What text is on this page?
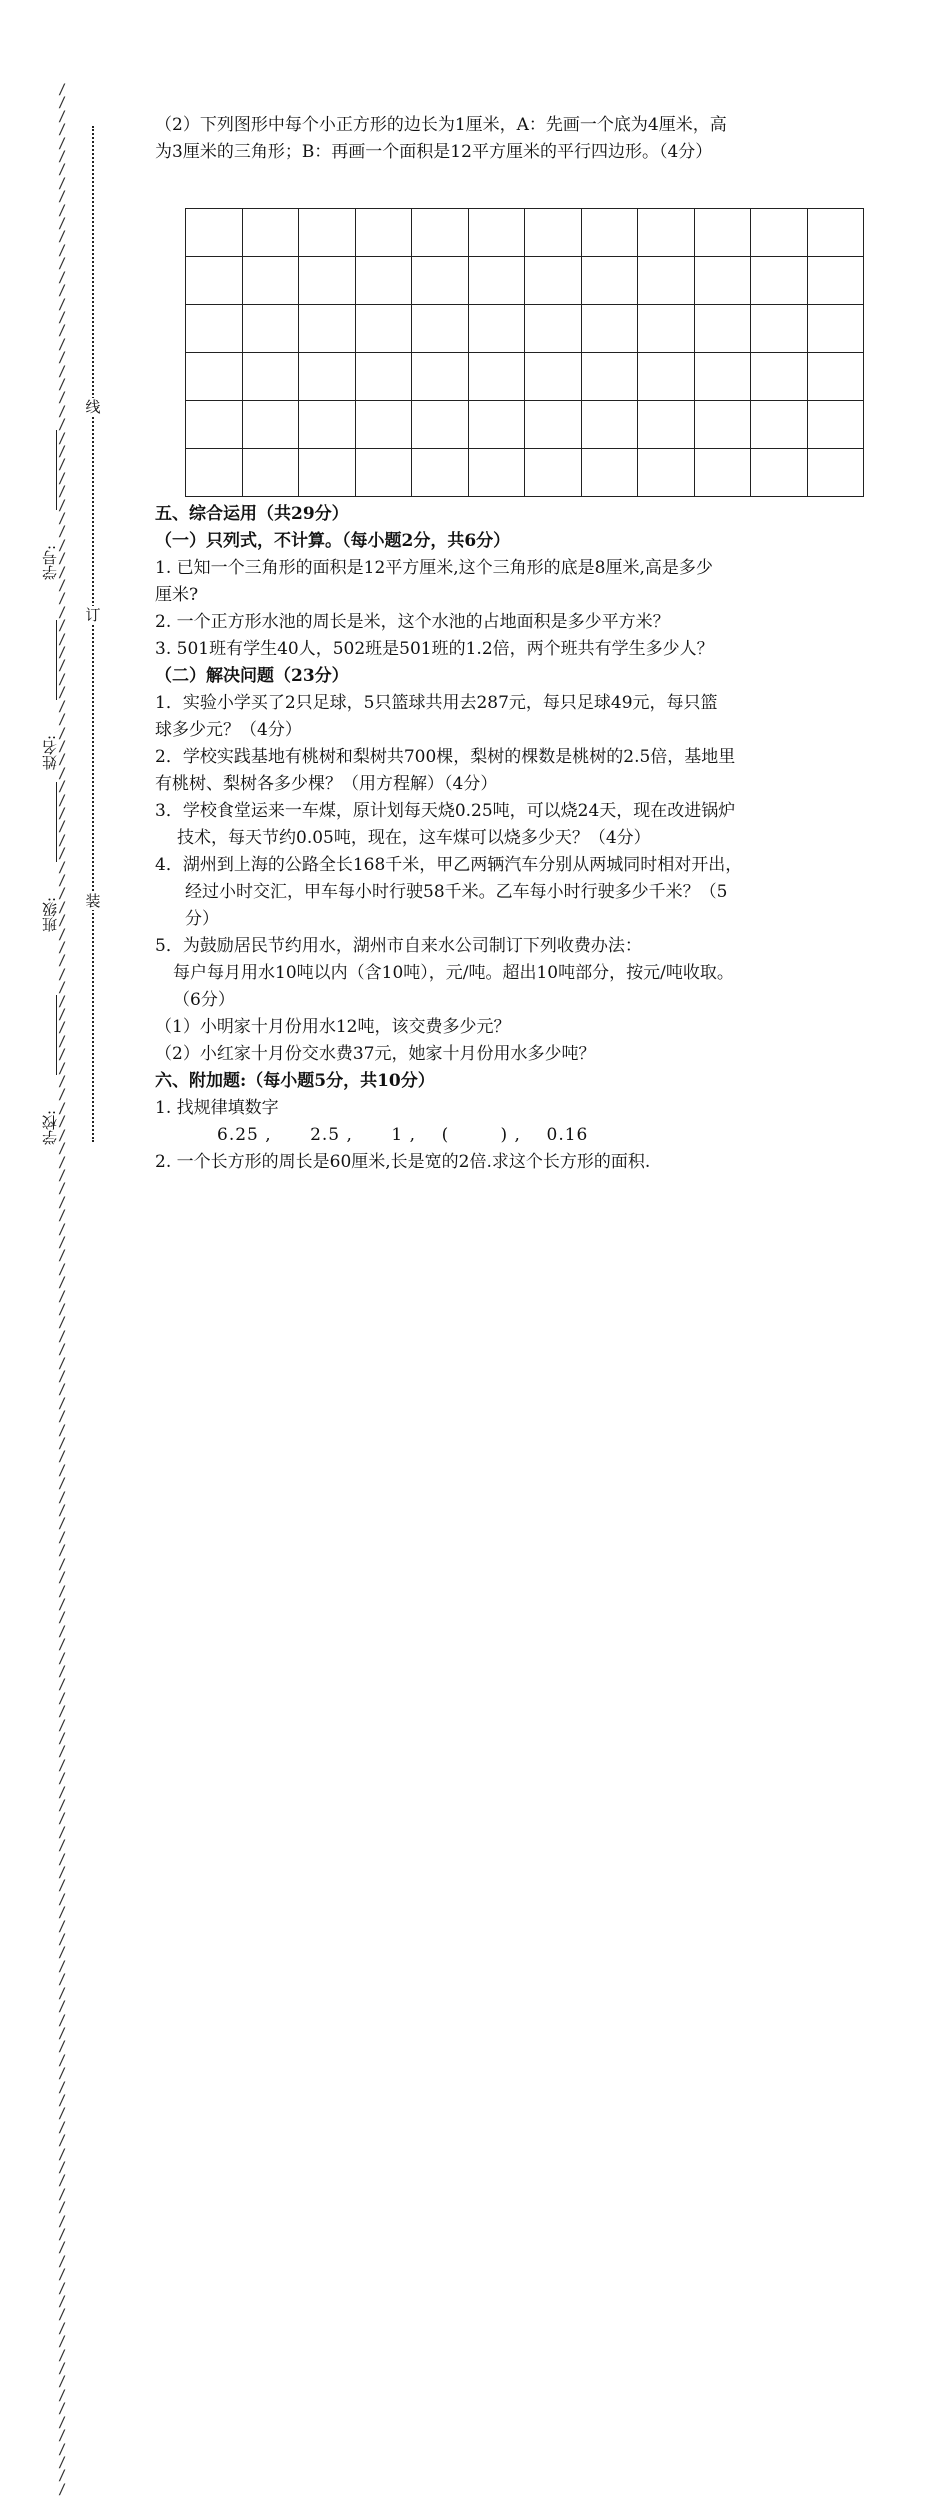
/ / / / / / / / / / / / / / / / / / / / / / / / / / / / / / / / / / / / / / / / / / / / / / / / / / / / / / / / / / / / / / / / / / / / / / / / / / / / / / / / / / / / / / / / / / / / / / / / / / / / / / / / / / / / / / / / / / / / / / / / / / / / / / / / / / / / / / / / / / / / / / / / / / / / / / / / / / / / / / / / / / / / / / / / / / / / / / / / / / / /
线
订
装
学号:
姓名:
班级:
学校:

（2）下列图形中每个小正方形的边长为1厘米，A：先画一个底为4厘米，高

为3厘米的三角形；B：再画一个面积是12平方厘米的平行四边形。（4分）

五、综合运用（共29分）

（一）只列式，不计算。（每小题2分，共6分）

1. 已知一个三角形的面积是12平方厘米,这个三角形的底是8厘米,高是多少

厘米?

2. 一个正方形水池的周长是米，这个水池的占地面积是多少平方米？

3. 501班有学生40人，502班是501班的1.2倍，两个班共有学生多少人？

（二）解决问题（23分）

1．实验小学买了2只足球，5只篮球共用去287元，每只足球49元，每只篮

球多少元？（4分）

2．学校实践基地有桃树和梨树共700棵，梨树的棵数是桃树的2.5倍，基地里

有桃树、梨树各多少棵？（用方程解）（4分）

3．学校食堂运来一车煤，原计划每天烧0.25吨，可以烧24天，现在改进锅炉

技术，每天节约0.05吨，现在，这车煤可以烧多少天？（4分）

4．湖州到上海的公路全长168千米，甲乙两辆汽车分别从两城同时相对开出，

经过小时交汇，甲车每小时行驶58千米。乙车每小时行驶多少千米？（5

分）

5．为鼓励居民节约用水，湖州市自来水公司制订下列收费办法：

每户每月用水10吨以内（含10吨），元/吨。超出10吨部分，按元/吨收取。

（6分）

（1）小明家十月份用水12吨，该交费多少元？

（2）小红家十月份交水费37元，她家十月份用水多少吨？

六、附加题:（每小题5分，共10分）

1. 找规律填数字

6.25 ,      2.5 ,      1 ,    (        ) ,    0.16

2. 一个长方形的周长是60厘米,长是宽的2倍.求这个长方形的面积.
